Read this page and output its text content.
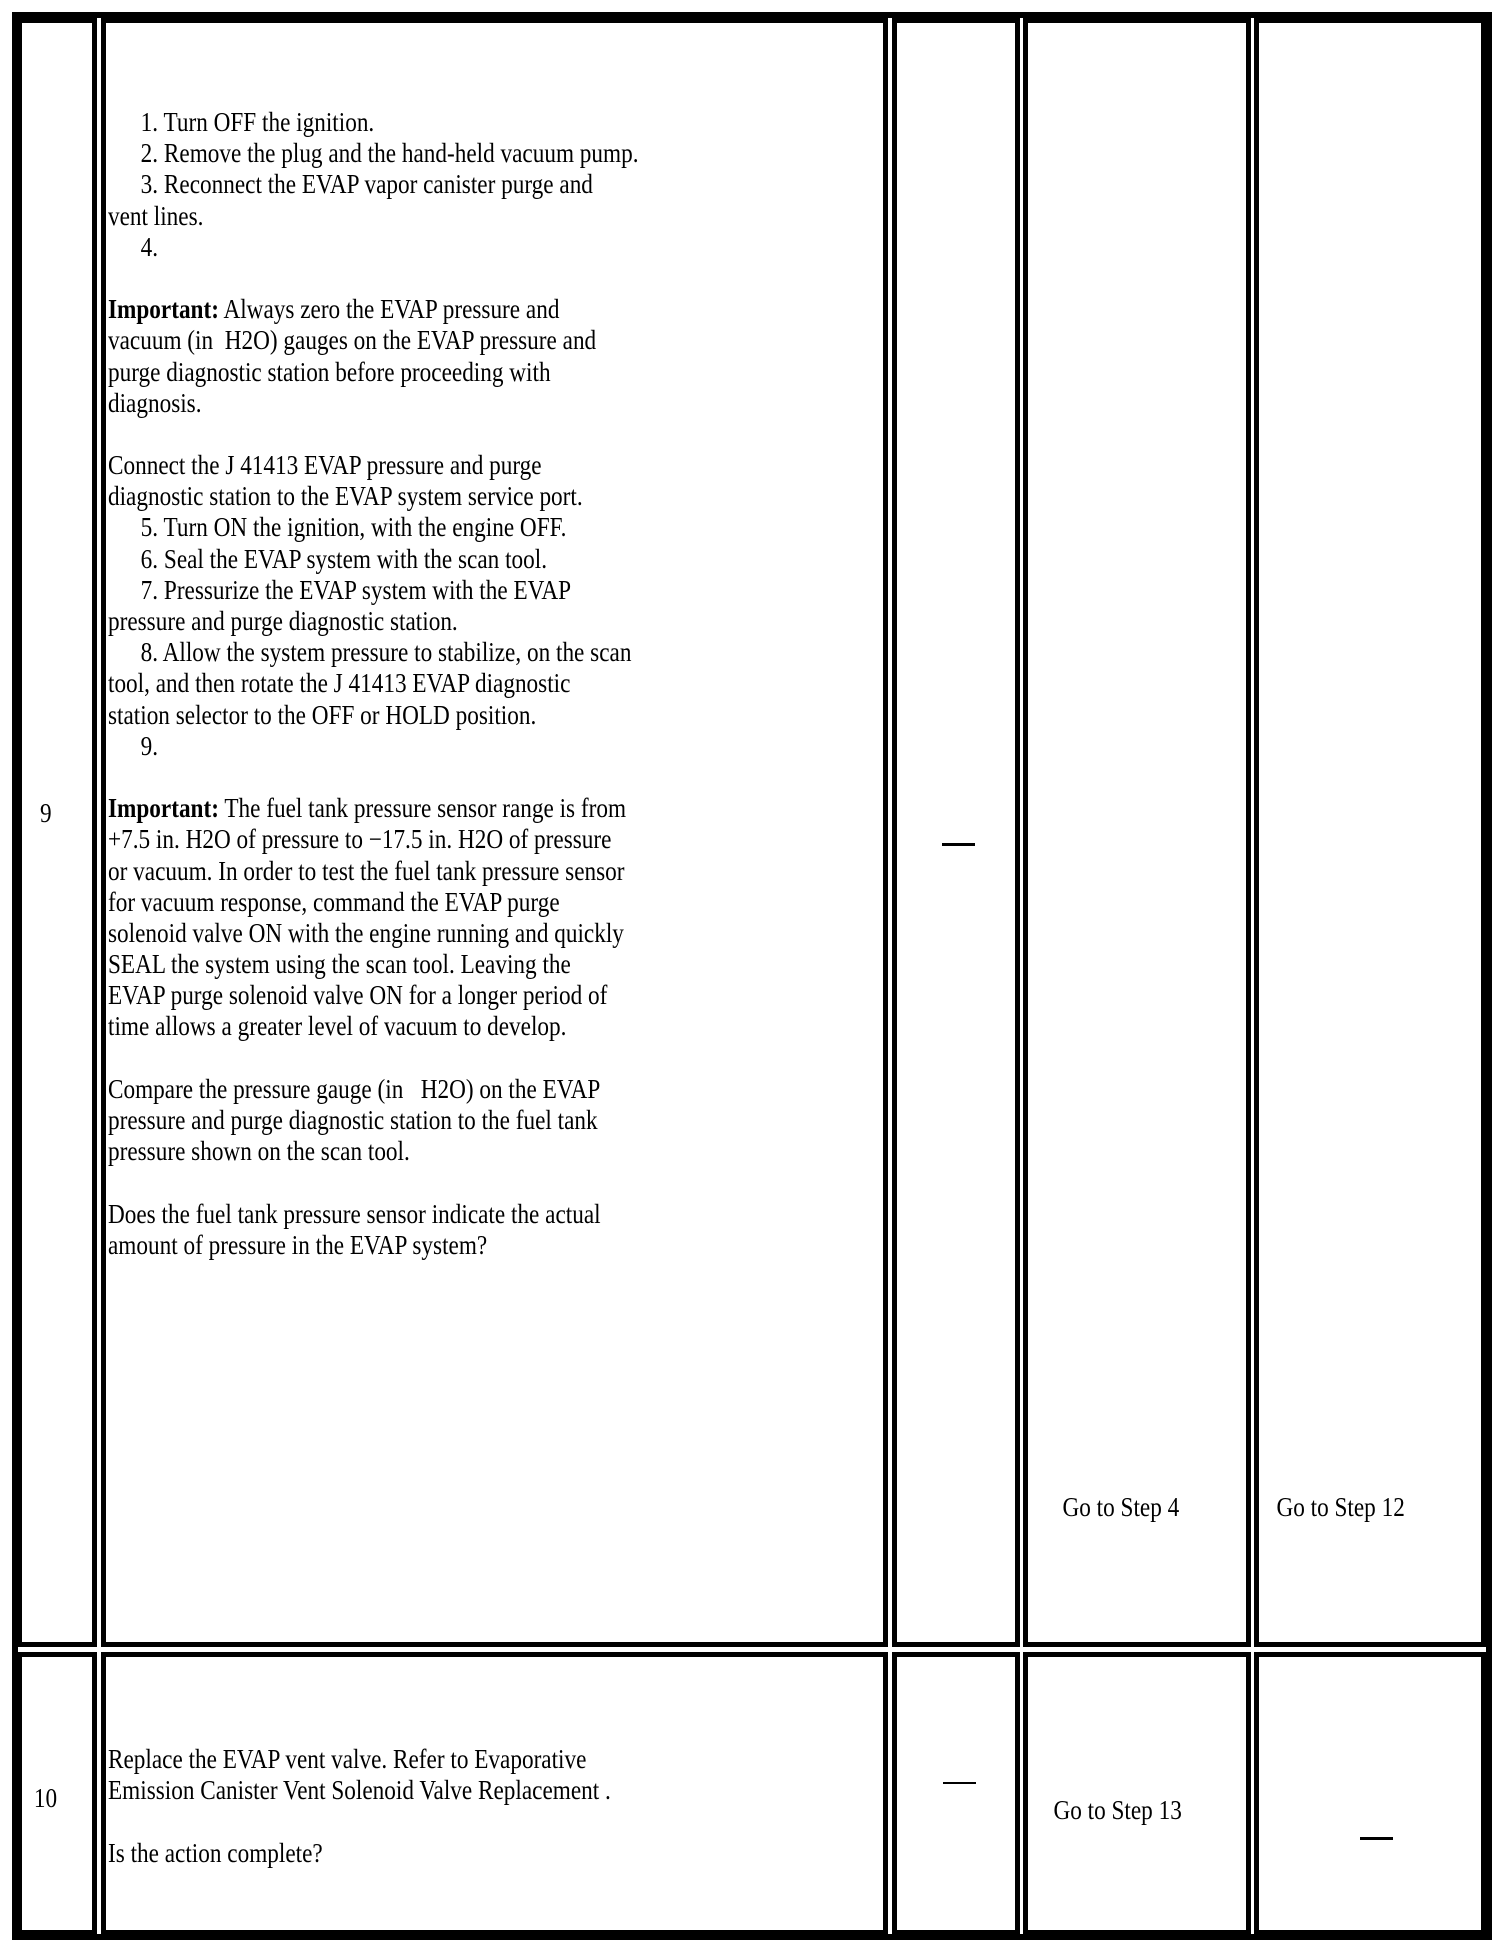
9
1. Turn OFF the ignition.
2. Remove the plug and the hand-held vacuum pump.
3. Reconnect the EVAP vapor canister purge and
vent lines.
4.
Important: Always zero the EVAP pressure and
vacuum (in  H2O) gauges on the EVAP pressure and
purge diagnostic station before proceeding with
diagnosis.
Connect the J 41413 EVAP pressure and purge
diagnostic station to the EVAP system service port.
5. Turn ON the ignition, with the engine OFF.
6. Seal the EVAP system with the scan tool.
7. Pressurize the EVAP system with the EVAP
pressure and purge diagnostic station.
8. Allow the system pressure to stabilize, on the scan
tool, and then rotate the J 41413 EVAP diagnostic
station selector to the OFF or HOLD position.
9.
Important: The fuel tank pressure sensor range is from
+7.5 in. H2O of pressure to −17.5 in. H2O of pressure
or vacuum. In order to test the fuel tank pressure sensor
for vacuum response, command the EVAP purge
solenoid valve ON with the engine running and quickly
SEAL the system using the scan tool. Leaving the
EVAP purge solenoid valve ON for a longer period of
time allows a greater level of vacuum to develop.
Compare the pressure gauge (in   H2O) on the EVAP
pressure and purge diagnostic station to the fuel tank
pressure shown on the scan tool.
Does the fuel tank pressure sensor indicate the actual
amount of pressure in the EVAP system?
Go to Step 4	Go to Step 12
10
Replace the EVAP vent valve. Refer to Evaporative
Emission Canister Vent Solenoid Valve Replacement .
Is the action complete?
Go to Step 13
